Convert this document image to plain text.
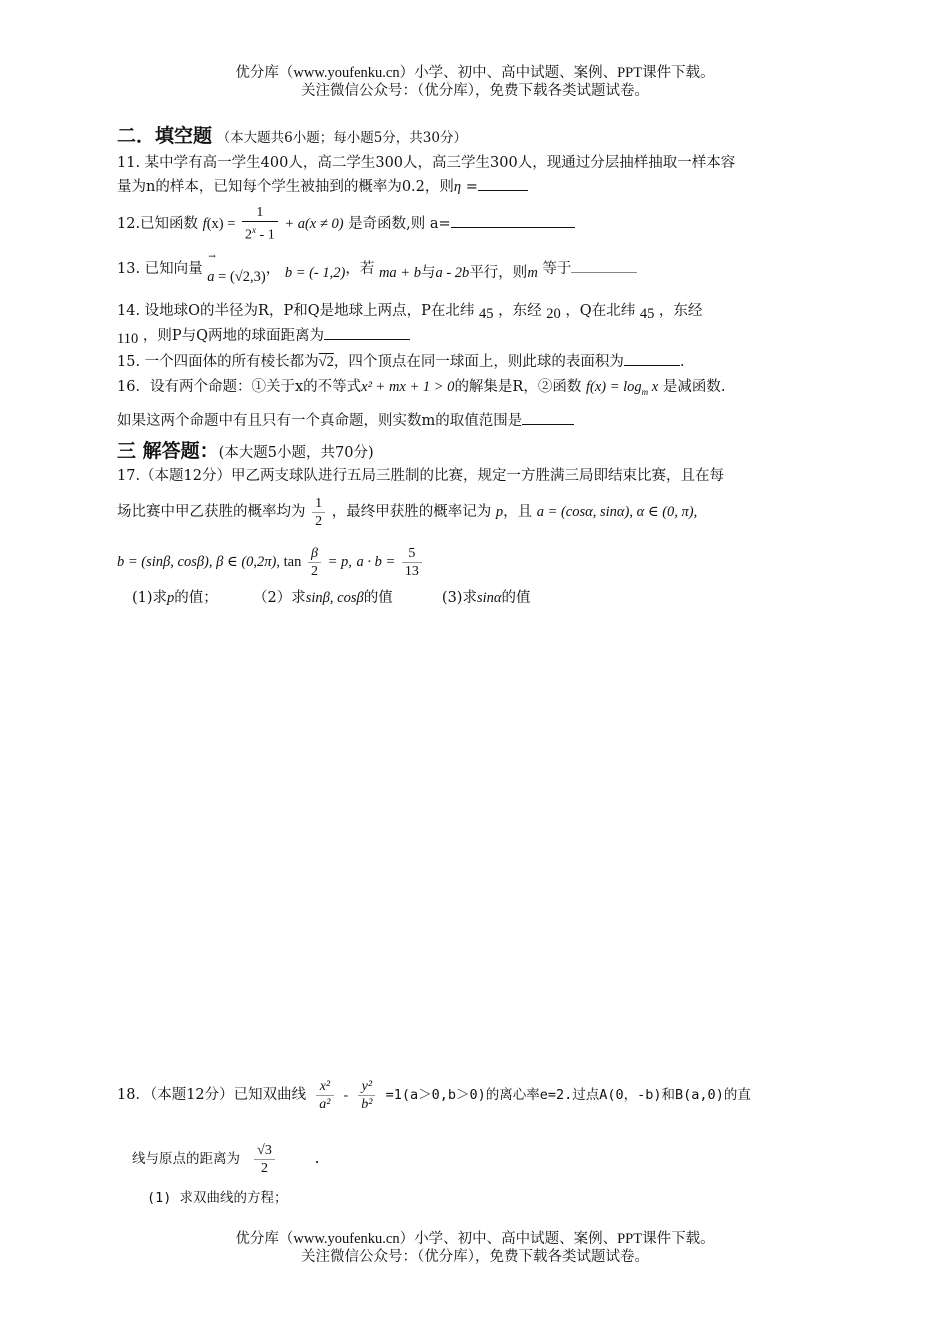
优分库（www.youfenku.cn）小学、初中、高中试题、案例、PPT课件下载。
关注微信公众号：（优分库），免费下载各类试题试卷。
二．填空题 （本大题共6小题；每小题5分，共30分）
11. 某中学有高一学生400人，高二学生300人，高三学生300人，现通过分层抽样抽取一样本容
量为n的样本，已知每个学生被抽到的概率为0.2，则η =
12.已知函数 $f(x) = \frac{1}{2^x - 1} + a(x \ne 0)$ 是奇函数,则 a=
13. 已知向量
→
a = (√2,3)， b = (- 1,2)，若 ma + b与a - 2b平行，则m 等于
14. 设地球O的半径为R，P和Q是地球上两点，P在北纬 45 ，东经 20 ，Q在北纬 45 ，东经
110 ，则P与Q两地的球面距离为
15. 一个四面体的所有棱长都为√2，四个顶点在同一球面上，则此球的表面积为	.
16．设有两个命题：①关于x的不等式x² + mx + 1 > 0的解集是R，②函数 $f(x) = \log_m x$ 是减函数.
如果这两个命题中有且只有一个真命题，则实数m的取值范围是
三 解答题：(本大题5小题，共70分)
17.（本题12分）甲乙两支球队进行五局三胜制的比赛，规定一方胜满三局即结束比赛，且在每
场比赛中甲乙获胜的概率均为 $\frac{1}{2}$ ，最终甲获胜的概率记为 p，且 a = (cosα, sinα), α ∈ (0, π),
b = (sinβ, cosβ), β ∈ (0,2π), $\tan \frac{\beta}{2} = p$, $a \cdot b = \frac{5}{13}$
(1)求p的值； （2）求sinβ, cosβ的值	(3)求sinα的值
18．（本题12分）已知双曲线 $\frac{\text{x²}}{\text{a²}} - \frac{\text{y²}}{\text{b²}} =1(a>0,b>0)$的离心率e=2.过点A(0，-b)和B(a,0)的直
线与原点的距离为 $\frac{√3}{2}$	.
(1) 求双曲线的方程；
优分库（www.youfenku.cn）小学、初中、高中试题、案例、PPT课件下载。
关注微信公众号：（优分库），免费下载各类试题试卷。
